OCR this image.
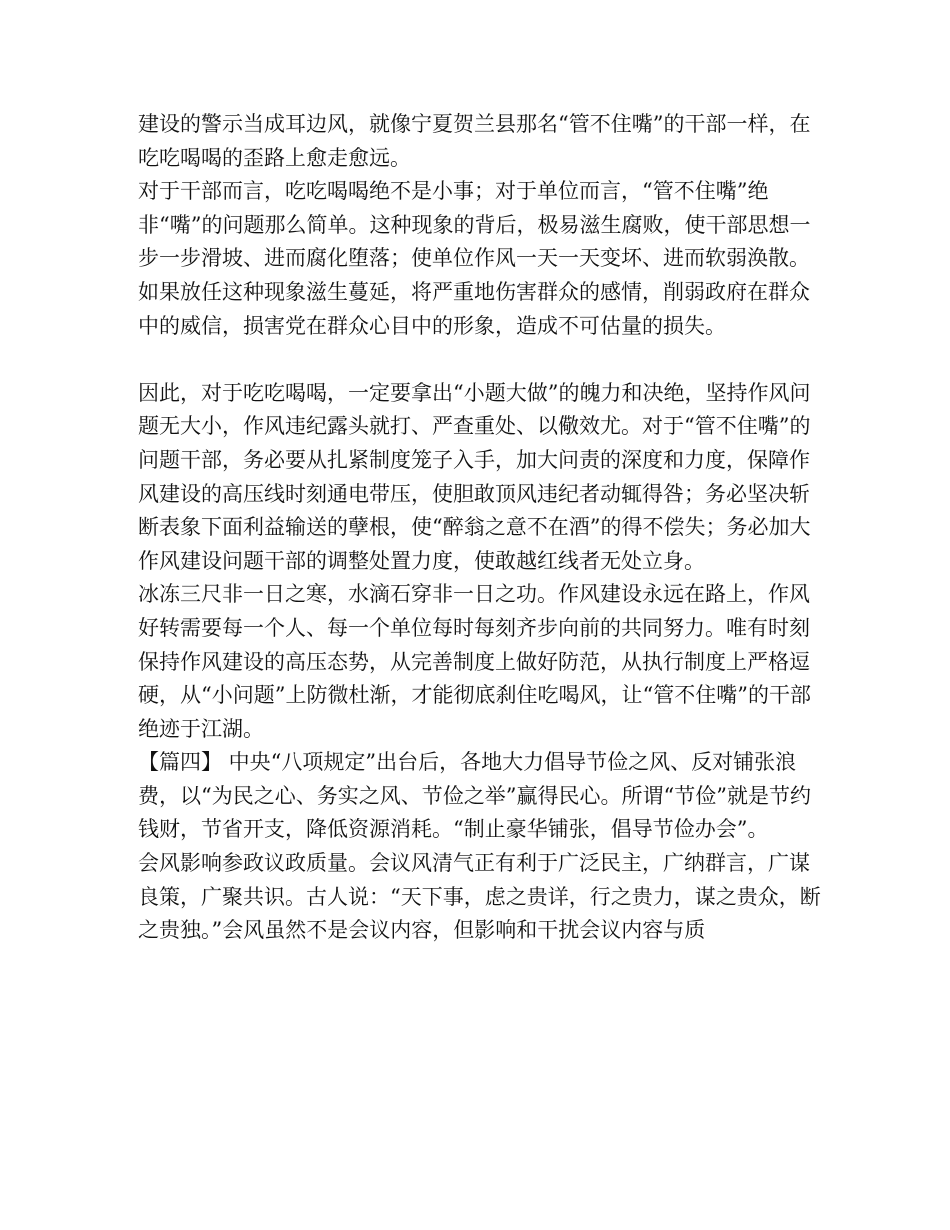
建设的警示当成耳边风，就像宁夏贺兰县那名“管不住嘴”的干部一样，在吃吃喝喝的歪路上愈走愈远。

对于干部而言，吃吃喝喝绝不是小事；对于单位而言，“管不住嘴”绝非“嘴”的问题那么简单。这种现象的背后，极易滋生腐败，使干部思想一步一步滑坡、进而腐化堕落；使单位作风一天一天变坏、进而软弱涣散。如果放任这种现象滋生蔓延，将严重地伤害群众的感情，削弱政府在群众中的威信，损害党在群众心目中的形象，造成不可估量的损失。

因此，对于吃吃喝喝，一定要拿出“小题大做”的魄力和决绝，坚持作风问题无大小，作风违纪露头就打、严查重处、以儆效尤。对于“管不住嘴”的问题干部，务必要从扎紧制度笼子入手，加大问责的深度和力度，保障作风建设的高压线时刻通电带压，使胆敢顶风违纪者动辄得咎；务必坚决斩断表象下面利益输送的孽根，使“醉翁之意不在酒”的得不偿失；务必加大作风建设问题干部的调整处置力度，使敢越红线者无处立身。

冰冻三尺非一日之寒，水滴石穿非一日之功。作风建设永远在路上，作风好转需要每一个人、每一个单位每时每刻齐步向前的共同努力。唯有时刻保持作风建设的高压态势，从完善制度上做好防范，从执行制度上严格逗硬，从“小问题”上防微杜渐，才能彻底刹住吃喝风，让“管不住嘴”的干部绝迹于江湖。

【篇四】 中央“八项规定”出台后，各地大力倡导节俭之风、反对铺张浪费，以“为民之心、务实之风、节俭之举”赢得民心。所谓“节俭”就是节约钱财，节省开支，降低资源消耗。“制止豪华铺张，倡导节俭办会”。

会风影响参政议政质量。会议风清气正有利于广泛民主，广纳群言，广谋良策，广聚共识。古人说：“天下事，虑之贵详，行之贵力，谋之贵众，断之贵独。”会风虽然不是会议内容，但影响和干扰会议内容与质
